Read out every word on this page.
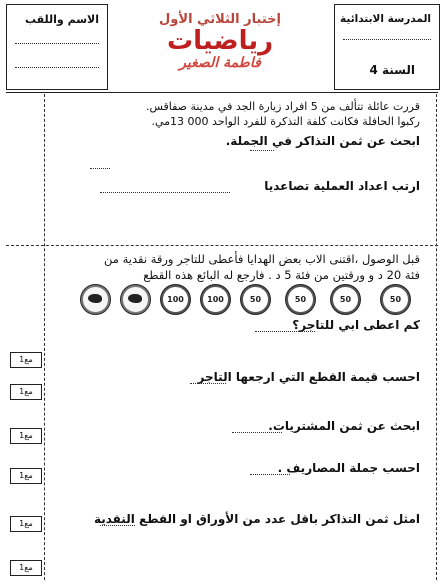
الاسم واللقب	إختبار الثلاثي الأول
رياضيات
فاطمة الصغير
المدرسة الابتدائية
السنة 4
قررت عائلة تتألف من 5 افراد زيارة الجد في مدينة صفاقس.
ركبوا الحافلة فكانت كلفة التذكرة للفرد الواحد 000 13مي.
ابحث عن ثمن التذاكر في الجملة.
ارتب اعداد العملية تصاعديا
قبل الوصول ،اقتنى الاب بعض الهدايا فأعطى للتاجر ورقة نقدية من
فئة 20 د و ورقتين من فئة 5 د . فارجع له البائع هذه القطع
100	100	50	50	50	50
كم اعطى ابي للتاجر؟
احسب قيمة القطع التي ارجعها التاجر
ابحث عن ثمن المشتريات.
احسب جملة المصاريف .
امثل ثمن التذاكر باقل عدد من الأوراق او القطع النقدية
مع1
مع1
مع1
مع1
مع1
مع1
